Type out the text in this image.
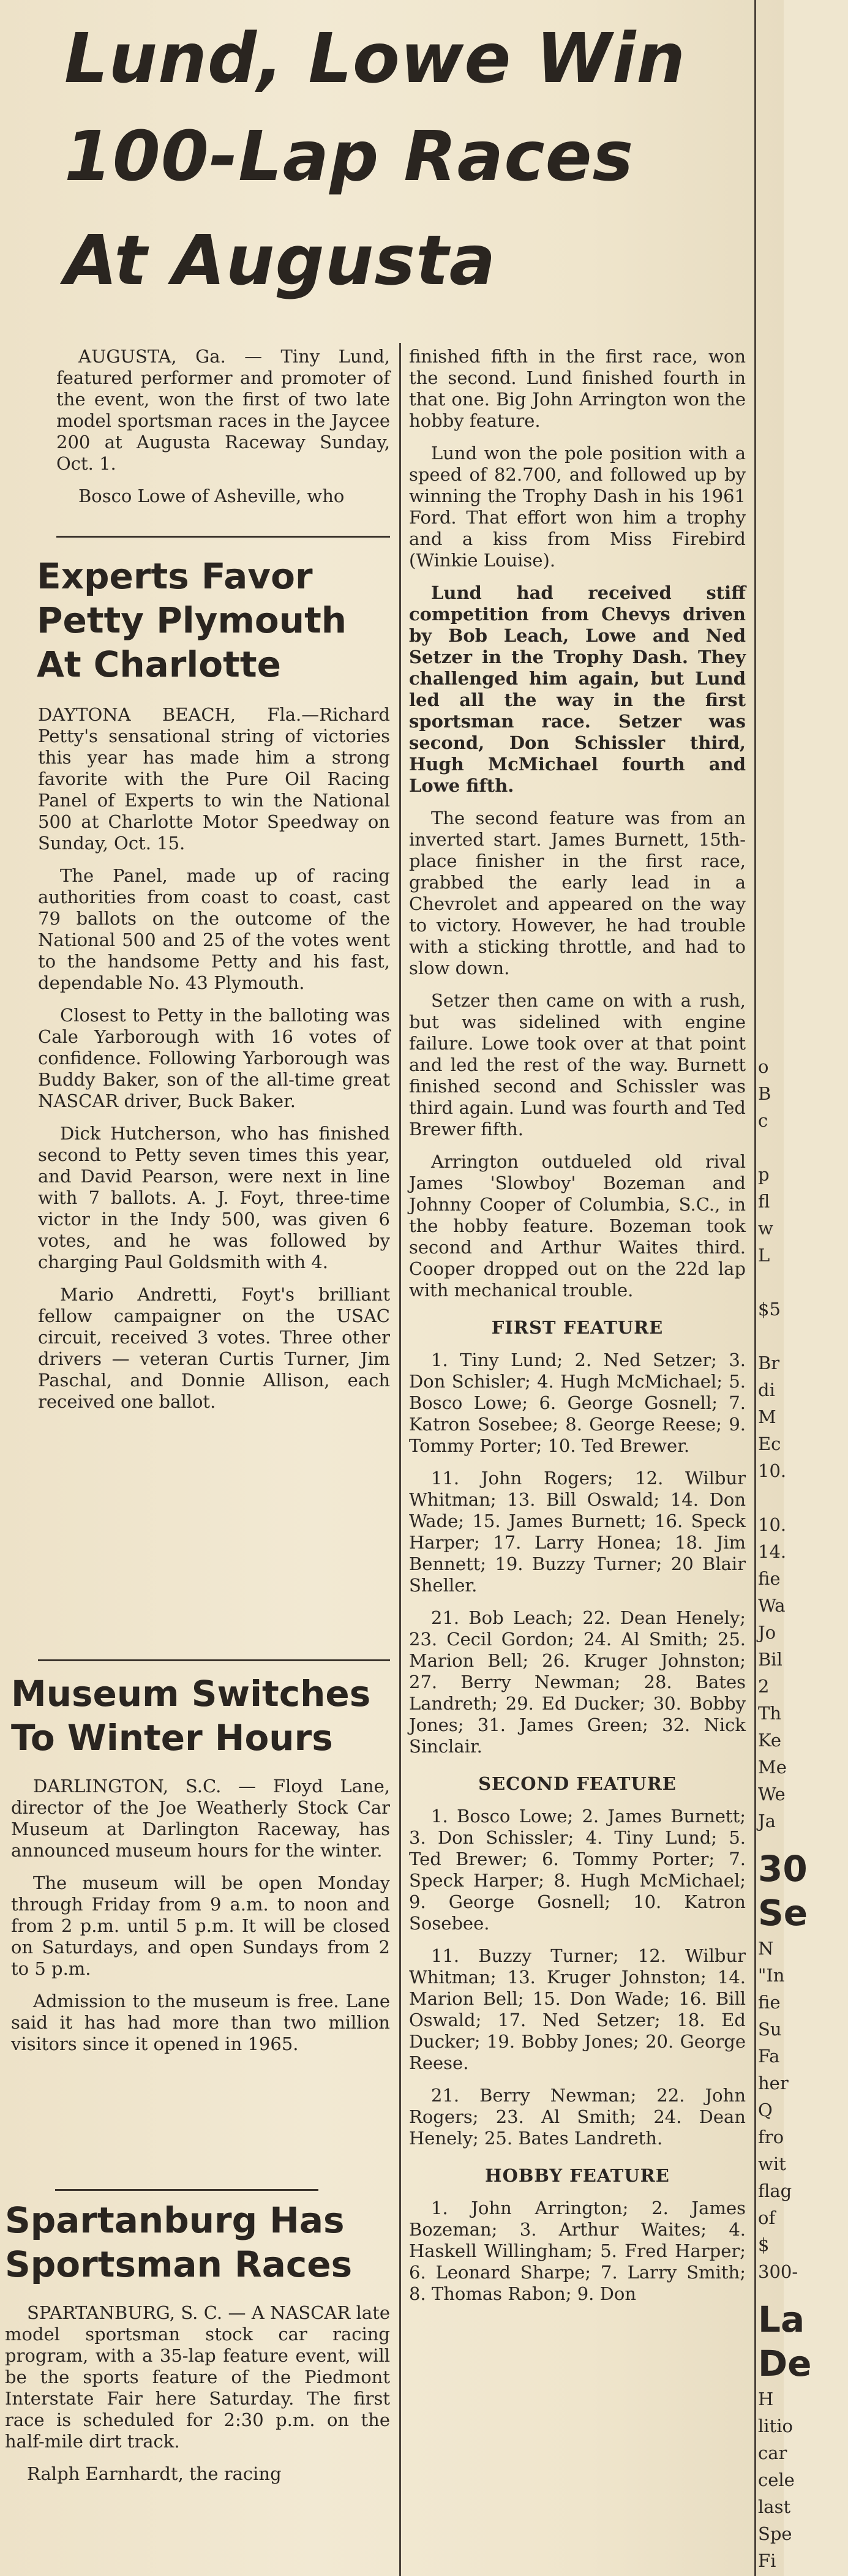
Lund, Lowe Win
100-Lap Races
At Augusta

AUGUSTA, Ga. — Tiny Lund, featured performer and promoter of the event, won the first of two late model sportsman races in the Jaycee 200 at Augusta Raceway Sunday, Oct. 1.

Bosco Lowe of Asheville, who

Experts Favor
Petty Plymouth
At Charlotte

DAYTONA BEACH, Fla.—Richard Petty's sensational string of victories this year has made him a strong favorite with the Pure Oil Racing Panel of Experts to win the National 500 at Charlotte Motor Speedway on Sunday, Oct. 15.

The Panel, made up of racing authorities from coast to coast, cast 79 ballots on the outcome of the National 500 and 25 of the votes went to the handsome Petty and his fast, dependable No. 43 Plymouth.

Closest to Petty in the balloting was Cale Yarborough with 16 votes of confidence. Following Yarborough was Buddy Baker, son of the all-time great NASCAR driver, Buck Baker.

Dick Hutcherson, who has finished second to Petty seven times this year, and David Pearson, were next in line with 7 ballots. A. J. Foyt, three-time victor in the Indy 500, was given 6 votes, and he was followed by charging Paul Goldsmith with 4.

Mario Andretti, Foyt's brilliant fellow campaigner on the USAC circuit, received 3 votes. Three other drivers — veteran Curtis Turner, Jim Paschal, and Donnie Allison, each received one ballot.

Museum Switches
To Winter Hours

DARLINGTON, S.C. — Floyd Lane, director of the Joe Weatherly Stock Car Museum at Darlington Raceway, has announced museum hours for the winter.

The museum will be open Monday through Friday from 9 a.m. to noon and from 2 p.m. until 5 p.m. It will be closed on Saturdays, and open Sundays from 2 to 5 p.m.

Admission to the museum is free. Lane said it has had more than two million visitors since it opened in 1965.

Spartanburg Has
Sportsman Races

SPARTANBURG, S. C. — A NASCAR late model sportsman stock car racing program, with a 35-lap feature event, will be the sports feature of the Piedmont Interstate Fair here Saturday. The first race is scheduled for 2:30 p.m. on the half-mile dirt track.

Ralph Earnhardt, the racing

finished fifth in the first race, won the second. Lund finished fourth in that one. Big John Arrington won the hobby feature.

Lund won the pole position with a speed of 82.700, and followed up by winning the Trophy Dash in his 1961 Ford. That effort won him a trophy and a kiss from Miss Firebird (Winkie Louise).

Lund had received stiff competition from Chevys driven by Bob Leach, Lowe and Ned Setzer in the Trophy Dash. They challenged him again, but Lund led all the way in the first sportsman race. Setzer was second, Don Schissler third, Hugh McMichael fourth and Lowe fifth.

The second feature was from an inverted start. James Burnett, 15th-place finisher in the first race, grabbed the early lead in a Chevrolet and appeared on the way to victory. However, he had trouble with a sticking throttle, and had to slow down.

Setzer then came on with a rush, but was sidelined with engine failure. Lowe took over at that point and led the rest of the way. Burnett finished second and Schissler was third again. Lund was fourth and Ted Brewer fifth.

Arrington outdueled old rival James 'Slowboy' Bozeman and Johnny Cooper of Columbia, S.C., in the hobby feature. Bozeman took second and Arthur Waites third. Cooper dropped out on the 22d lap with mechanical trouble.

FIRST FEATURE

1. Tiny Lund; 2. Ned Setzer; 3. Don Schisler; 4. Hugh McMichael; 5. Bosco Lowe; 6. George Gosnell; 7. Katron Sosebee; 8. George Reese; 9. Tommy Porter; 10. Ted Brewer.

11. John Rogers; 12. Wilbur Whitman; 13. Bill Oswald; 14. Don Wade; 15. James Burnett; 16. Speck Harper; 17. Larry Honea; 18. Jim Bennett; 19. Buzzy Turner; 20 Blair Sheller.

21. Bob Leach; 22. Dean Henely; 23. Cecil Gordon; 24. Al Smith; 25. Marion Bell; 26. Kruger Johnston; 27. Berry Newman; 28. Bates Landreth; 29. Ed Ducker; 30. Bobby Jones; 31. James Green; 32. Nick Sinclair.

SECOND FEATURE

1. Bosco Lowe; 2. James Burnett; 3. Don Schissler; 4. Tiny Lund; 5. Ted Brewer; 6. Tommy Porter; 7. Speck Harper; 8. Hugh McMichael; 9. George Gosnell; 10. Katron Sosebee.

11. Buzzy Turner; 12. Wilbur Whitman; 13. Kruger Johnston; 14. Marion Bell; 15. Don Wade; 16. Bill Oswald; 17. Ned Setzer; 18. Ed Ducker; 19. Bobby Jones; 20. George Reese.

21. Berry Newman; 22. John Rogers; 23. Al Smith; 24. Dean Henely; 25. Bates Landreth.

HOBBY FEATURE

1. John Arrington; 2. James Bozeman; 3. Arthur Waites; 4. Haskell Willingham; 5. Fred Harper; 6. Leonard Sharpe; 7. Larry Smith; 8. Thomas Rabon; 9. Don

o
B
c

p
fl
w
L

$5

Br
di
M
Ec
10.

10.
14.
fie
Wa
Jo
Bil
2
Th
Ke
Me
We
Ja
30
Se
N
"In
fie
Su
Fa
her
Q
fro
wit
flag
of $
300-
La
De
H
litio
car
cele
last
Spe
Fi
